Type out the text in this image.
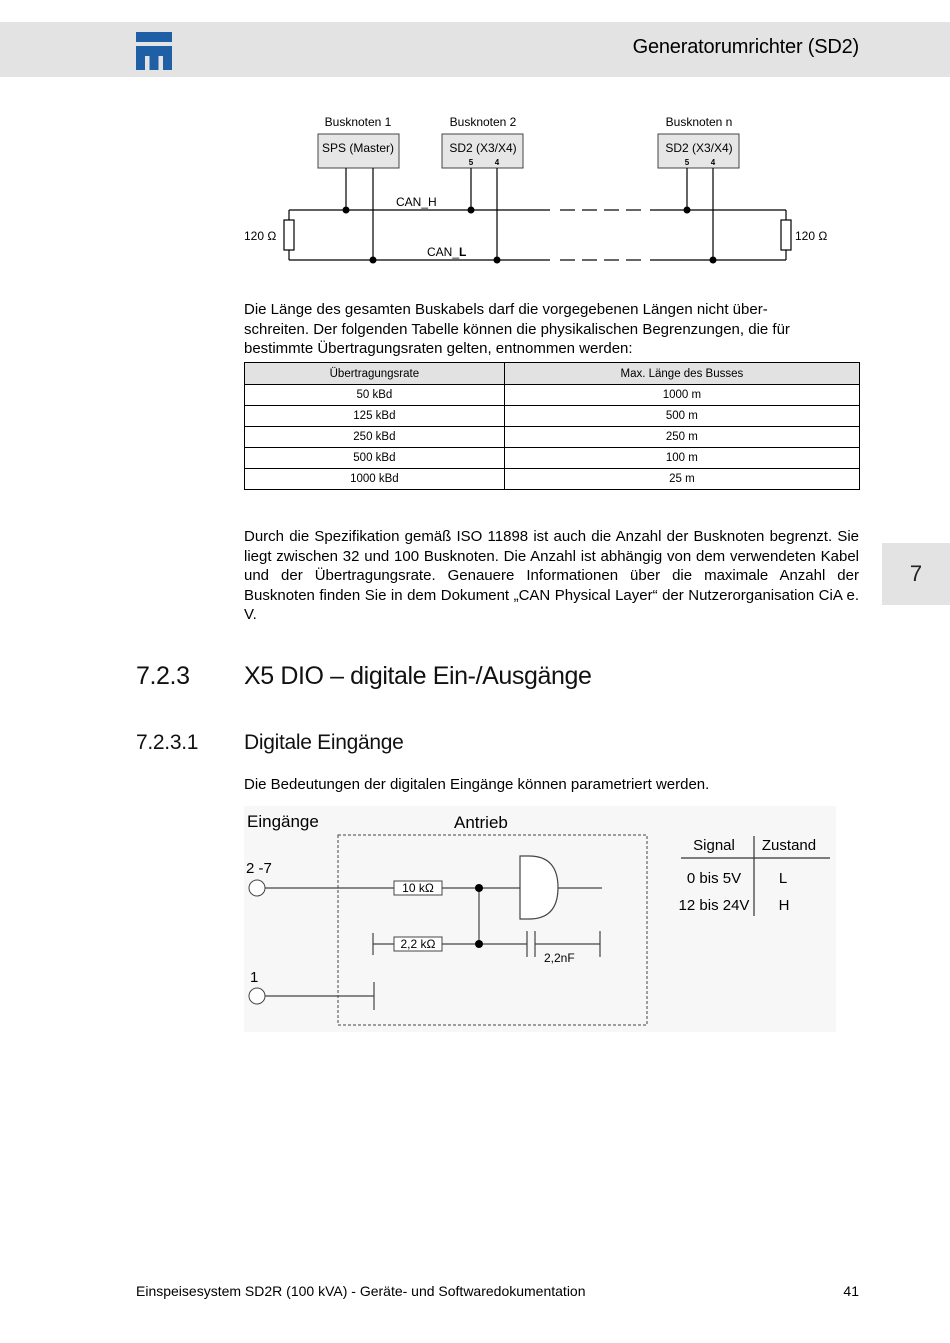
Generatorumrichter (SD2)
7
Busknoten 1	Busknoten 2	Busknoten n
SPS (Master)	SD2 (X3/X4)	SD2 (X3/X4)
5	4	5	4
CAN_H
CAN_L
120 Ω	120 Ω
Die Länge des gesamten Buskabels darf die vorgegebenen Längen nicht über-
schreiten. Der folgenden Tabelle können die physikalischen Begrenzungen, die für
bestimmte Übertragungsraten gelten, entnommen werden:
Übertragungsrate	Max. Länge des Busses
50 kBd	1000 m
125 kBd	500 m
250 kBd	250 m
500 kBd	100 m
1000 kBd	25 m

Durch die Spezifikation gemäß ISO 11898 ist auch die Anzahl der Busknoten begrenzt. Sie liegt zwischen 32 und 100 Busknoten. Die Anzahl ist abhängig von dem verwendeten Kabel und der Übertragungsrate. Genauere Informationen über die maximale Anzahl der Busknoten finden Sie in dem Dokument „CAN Physical Layer“ der Nutzerorganisation CiA e. V.

7.2.3 X5 DIO – digitale Ein-/Ausgänge
7.2.3.1 Digitale Eingänge

Die Bedeutungen der digitalen Eingänge können parametriert werden.

Eingänge	Antrieb
2 -7
1
10 kΩ
2,2 kΩ
2,2nF
Signal Zustand
0 bis 5V	L
12 bis 24V H
Einspeisesystem SD2R (100 kVA) - Geräte- und Softwaredokumentation	41
